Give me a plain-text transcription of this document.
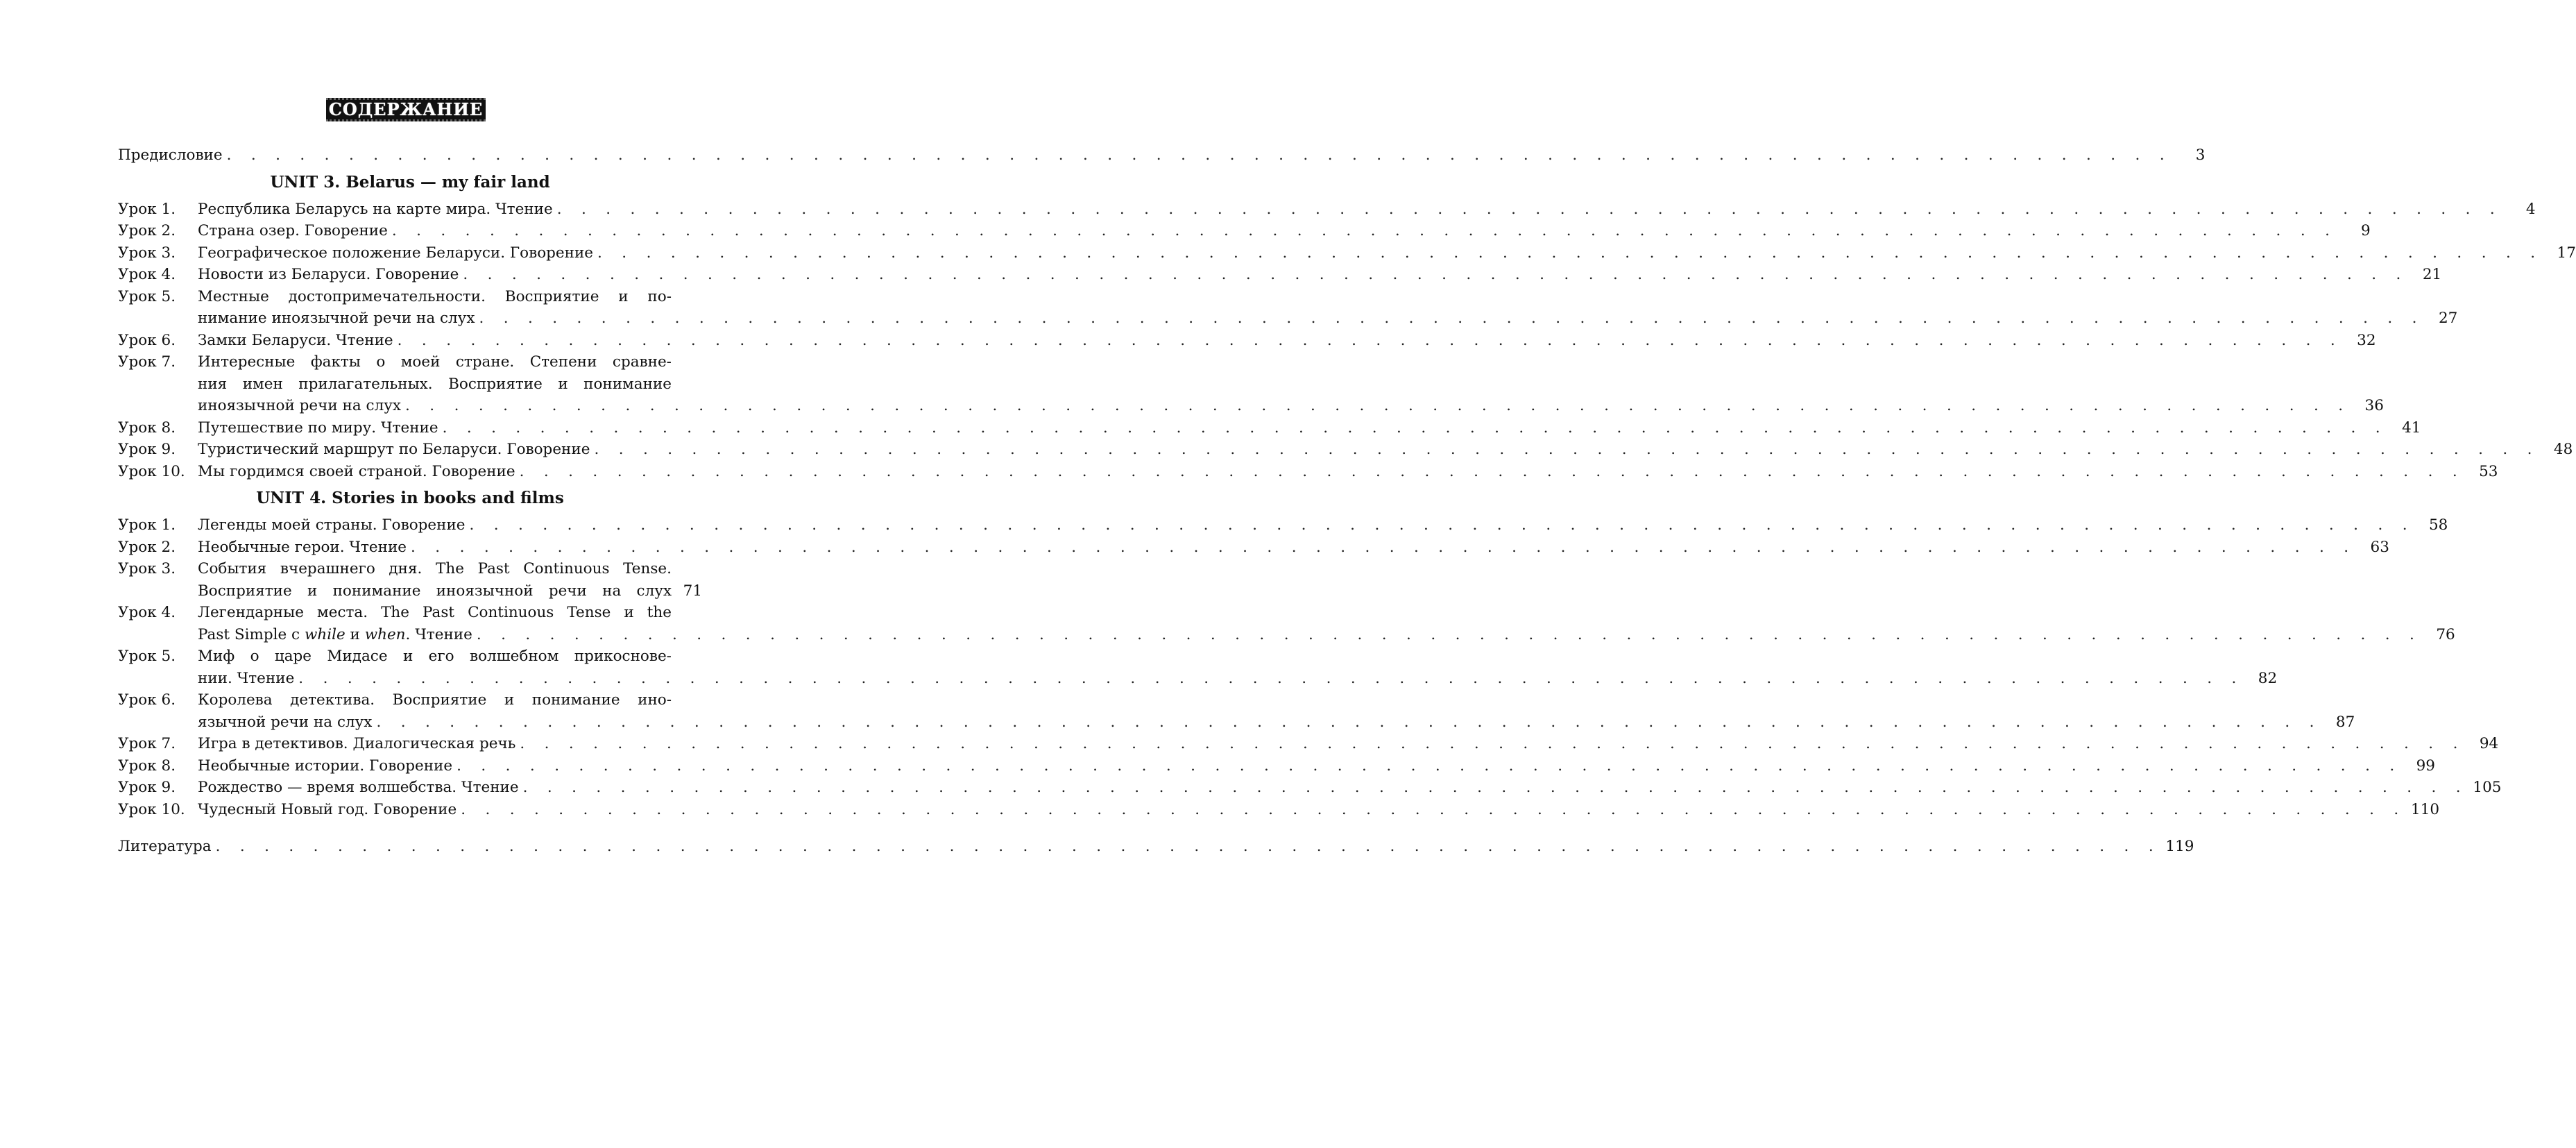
СОДЕРЖАНИЕ
Предисловие . . . . . . . . . . . . . . . . . . . . . . . . . . . . . . . . . . . . . . . . . . . . . . . . . . . . . . . . . . . . . . . . . . . . . . . . . . . . . . . .	3
UNIT 3. Belarus — my fair land
Урок 1.	Республика Беларусь на карте мира. Чтение . . . . . . . . . . . . . . . . . . . . . . . . . . . . . . . . . . . . . . . . . . . . . . . . . . . . . . . . . . . . . . . . . . . . . . . . . . . . . . . .	4
Урок 2.	Страна озер. Говорение . . . . . . . . . . . . . . . . . . . . . . . . . . . . . . . . . . . . . . . . . . . . . . . . . . . . . . . . . . . . . . . . . . . . . . . . . . . . . . . .	9
Урок 3.	Географическое положение Беларуси. Говорение . . . . . . . . . . . . . . . . . . . . . . . . . . . . . . . . . . . . . . . . . . . . . . . . . . . . . . . . . . . . . . . . . . . . . . . . . . . . . . . . 17
Урок 4.	Новости из Беларуси. Говорение . . . . . . . . . . . . . . . . . . . . . . . . . . . . . . . . . . . . . . . . . . . . . . . . . . . . . . . . . . . . . . . . . . . . . . . . . . . . . . . . 21
Урок 5.	Местные достопримечательности. Восприятие и по-
нимание иноязычной речи на слух . . . . . . . . . . . . . . . . . . . . . . . . . . . . . . . . . . . . . . . . . . . . . . . . . . . . . . . . . . . . . . . . . . . . . . . . . . . . . . . . 27
Урок 6.	Замки Беларуси. Чтение . . . . . . . . . . . . . . . . . . . . . . . . . . . . . . . . . . . . . . . . . . . . . . . . . . . . . . . . . . . . . . . . . . . . . . . . . . . . . . . . 32
Урок 7.	Интересные факты о моей стране. Степени сравне-
ния имен прилагательных. Восприятие и понимание
иноязычной речи на слух . . . . . . . . . . . . . . . . . . . . . . . . . . . . . . . . . . . . . . . . . . . . . . . . . . . . . . . . . . . . . . . . . . . . . . . . . . . . . . . . 36
Урок 8.	Путешествие по миру. Чтение . . . . . . . . . . . . . . . . . . . . . . . . . . . . . . . . . . . . . . . . . . . . . . . . . . . . . . . . . . . . . . . . . . . . . . . . . . . . . . . . 41
Урок 9.	Туристический маршрут по Беларуси. Говорение . . . . . . . . . . . . . . . . . . . . . . . . . . . . . . . . . . . . . . . . . . . . . . . . . . . . . . . . . . . . . . . . . . . . . . . . . . . . . . . . 48
Урок 10. Мы гордимся своей страной. Говорение . . . . . . . . . . . . . . . . . . . . . . . . . . . . . . . . . . . . . . . . . . . . . . . . . . . . . . . . . . . . . . . . . . . . . . . . . . . . . . . . 53
UNIT 4. Stories in books and films
Урок 1.	Легенды моей страны. Говорение . . . . . . . . . . . . . . . . . . . . . . . . . . . . . . . . . . . . . . . . . . . . . . . . . . . . . . . . . . . . . . . . . . . . . . . . . . . . . . . . 58
Урок 2.	Необычные герои. Чтение . . . . . . . . . . . . . . . . . . . . . . . . . . . . . . . . . . . . . . . . . . . . . . . . . . . . . . . . . . . . . . . . . . . . . . . . . . . . . . . . 63
Урок 3.	События вчерашнего дня. The Past Continuous Tense.
Восприятие и понимание иноязычной речи на слух 71
Урок 4.	Легендарные места. The Past Continuous Tense и the
Past Simple с while и when. Чтение . . . . . . . . . . . . . . . . . . . . . . . . . . . . . . . . . . . . . . . . . . . . . . . . . . . . . . . . . . . . . . . . . . . . . . . . . . . . . . . . 76
Урок 5.	Миф о царе Мидасе и его волшебном прикоснове-
нии. Чтение . . . . . . . . . . . . . . . . . . . . . . . . . . . . . . . . . . . . . . . . . . . . . . . . . . . . . . . . . . . . . . . . . . . . . . . . . . . . . . . . 82
Урок 6.	Королева детектива. Восприятие и понимание ино-
язычной речи на слух . . . . . . . . . . . . . . . . . . . . . . . . . . . . . . . . . . . . . . . . . . . . . . . . . . . . . . . . . . . . . . . . . . . . . . . . . . . . . . . . 87
Урок 7.	Игра в детективов. Диалогическая речь . . . . . . . . . . . . . . . . . . . . . . . . . . . . . . . . . . . . . . . . . . . . . . . . . . . . . . . . . . . . . . . . . . . . . . . . . . . . . . . . 94
Урок 8.	Необычные истории. Говорение . . . . . . . . . . . . . . . . . . . . . . . . . . . . . . . . . . . . . . . . . . . . . . . . . . . . . . . . . . . . . . . . . . . . . . . . . . . . . . . . 99
Урок 9.	Рождество — время волшебства. Чтение . . . . . . . . . . . . . . . . . . . . . . . . . . . . . . . . . . . . . . . . . . . . . . . . . . . . . . . . . . . . . . . . . . . . . . . . . . . . . . . . 105
Урок 10. Чудесный Новый год. Говорение . . . . . . . . . . . . . . . . . . . . . . . . . . . . . . . . . . . . . . . . . . . . . . . . . . . . . . . . . . . . . . . . . . . . . . . . . . . . . . . . 110
Литература . . . . . . . . . . . . . . . . . . . . . . . . . . . . . . . . . . . . . . . . . . . . . . . . . . . . . . . . . . . . . . . . . . . . . . . . . . . . . . . . 119
